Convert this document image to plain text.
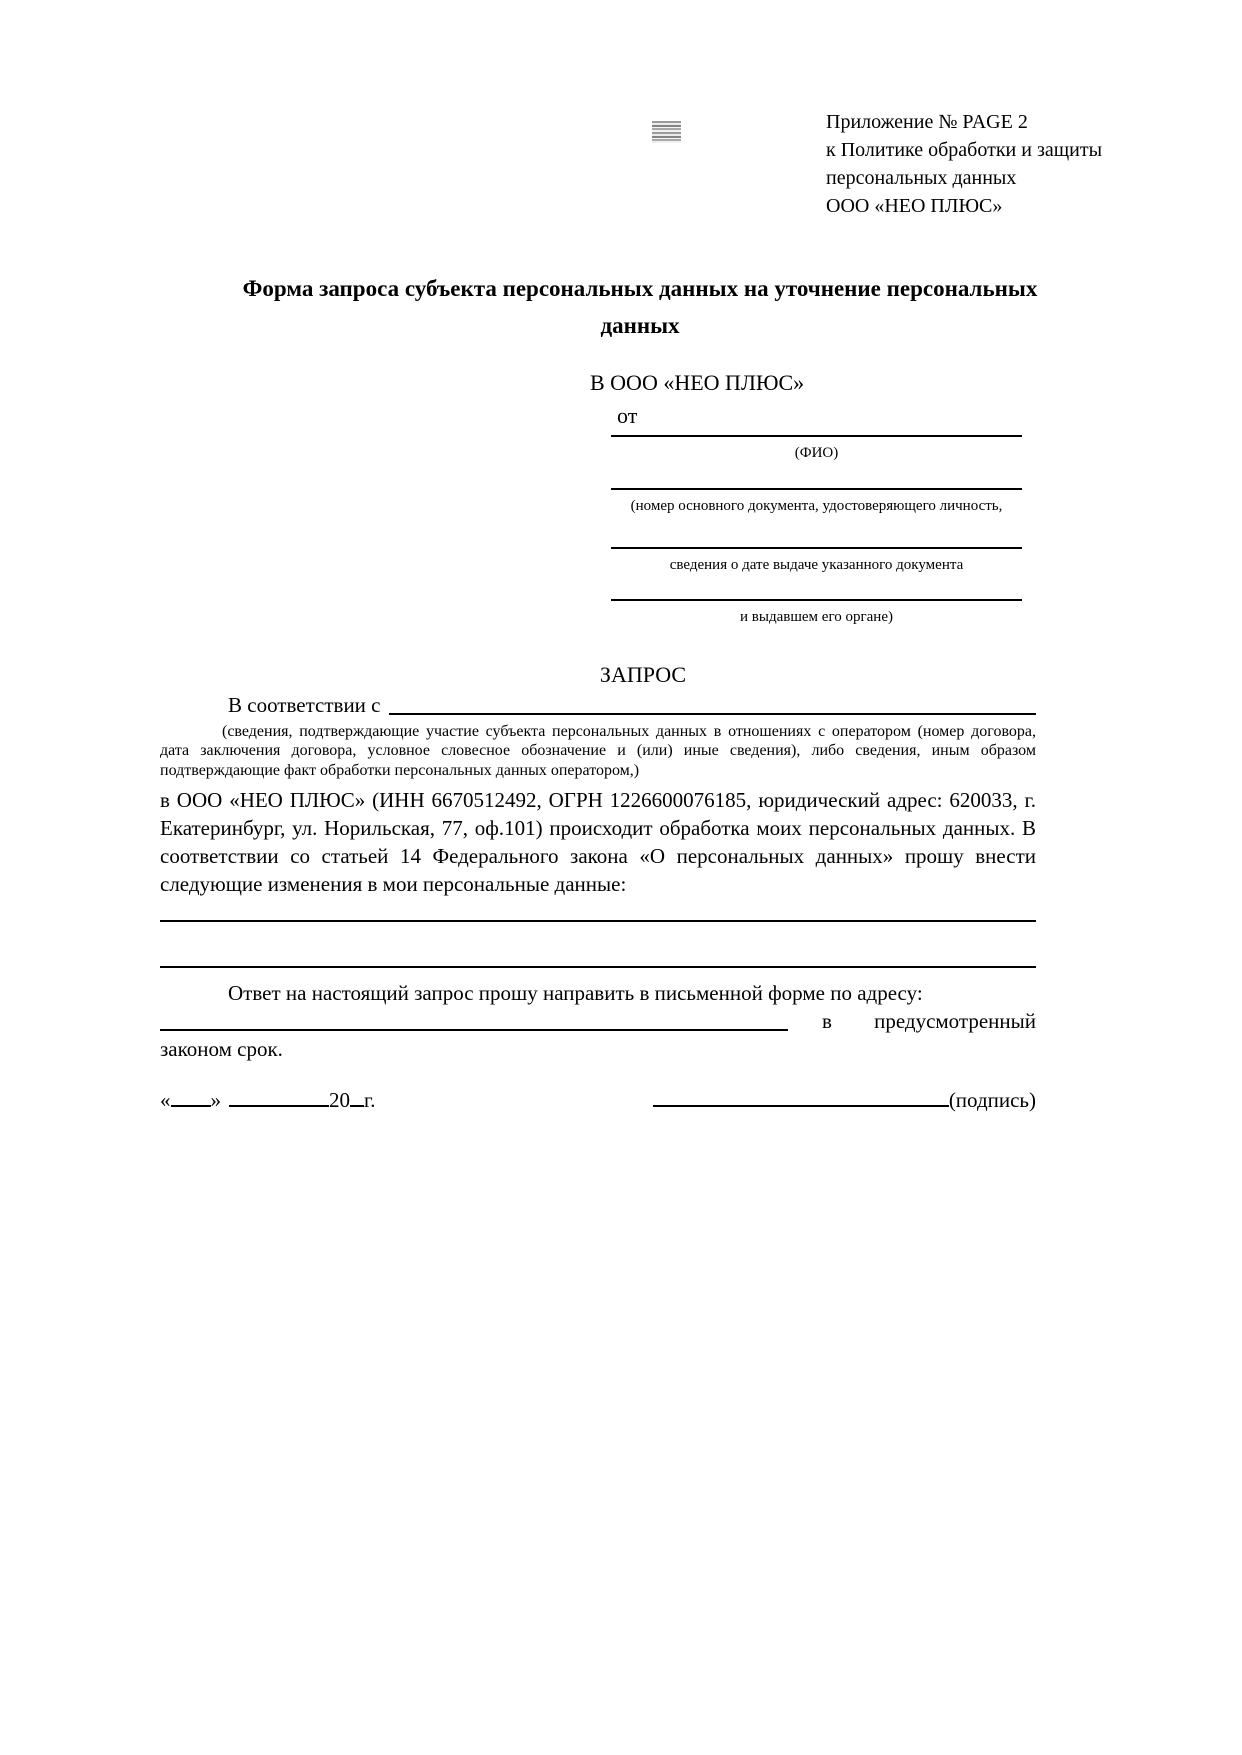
Приложение № PAGE 2
к Политике обработки и защиты
персональных данных
ООО «НЕО ПЛЮС»
Форма запроса субъекта персональных данных на уточнение персональных данных
В ООО «НЕО ПЛЮС»
от
(ФИО)
(номер основного документа, удостоверяющего личность,
сведения о дате выдаче указанного документа
и выдавшем его органе)
ЗАПРОС
В соответствии с
(сведения, подтверждающие участие субъекта персональных данных в отношениях с оператором (номер договора, дата заключения договора, условное словесное обозначение и (или) иные сведения), либо сведения, иным образом подтверждающие факт обработки персональных данных оператором,)
в ООО «НЕО ПЛЮС» (ИНН 6670512492, ОГРН 1226600076185, юридический адрес: 620033, г. Екатеринбург, ул. Норильская, 77, оф.101) происходит обработка моих персональных данных. В соответствии со статьей 14 Федерального закона «О персональных данных» прошу внести следующие изменения в мои персональные данные:
Ответ на настоящий запрос прошу направить в письменной форме по адресу:
в предусмотренный
законом срок.
« »	20 г.	(подпись)
